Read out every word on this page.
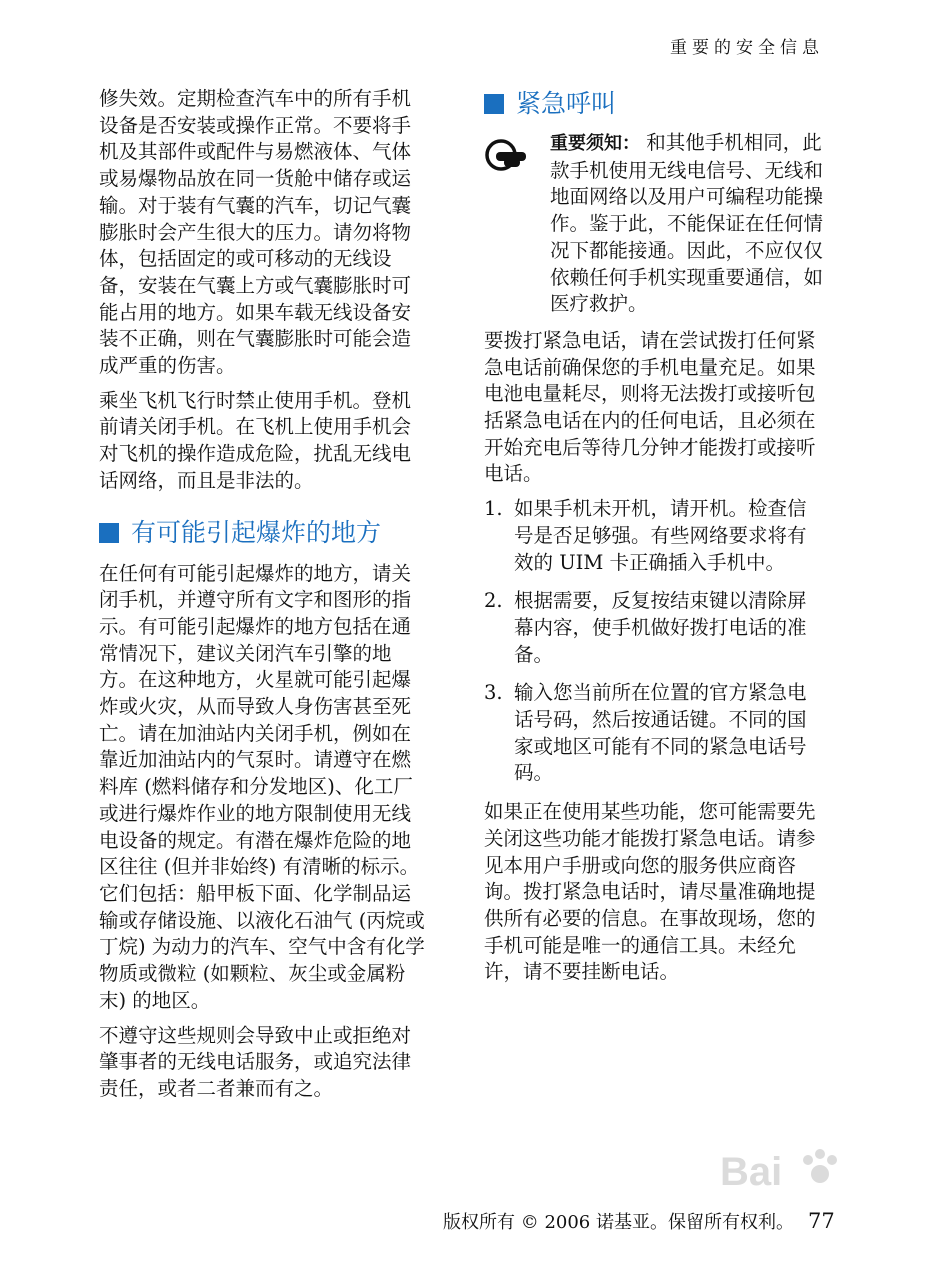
重要的安全信息

修失效。定期检查汽车中的所有手机设备是否安装或操作正常。不要将手机及其部件或配件与易燃液体、气体或易爆物品放在同一货舱中储存或运输。对于装有气囊的汽车，切记气囊膨胀时会产生很大的压力。请勿将物体，包括固定的或可移动的无线设备，安装在气囊上方或气囊膨胀时可能占用的地方。如果车载无线设备安装不正确，则在气囊膨胀时可能会造成严重的伤害。

乘坐飞机飞行时禁止使用手机。登机前请关闭手机。在飞机上使用手机会对飞机的操作造成危险，扰乱无线电话网络，而且是非法的。

有可能引起爆炸的地方

在任何有可能引起爆炸的地方，请关闭手机，并遵守所有文字和图形的指示。有可能引起爆炸的地方包括在通常情况下，建议关闭汽车引擎的地方。在这种地方，火星就可能引起爆炸或火灾，从而导致人身伤害甚至死亡。请在加油站内关闭手机，例如在靠近加油站内的气泵时。请遵守在燃料库 (燃料储存和分发地区)、化工厂或进行爆炸作业的地方限制使用无线电设备的规定。有潜在爆炸危险的地区往往 (但并非始终) 有清晰的标示。它们包括：船甲板下面、化学制品运输或存储设施、以液化石油气 (丙烷或丁烷) 为动力的汽车、空气中含有化学物质或微粒 (如颗粒、灰尘或金属粉末) 的地区。

不遵守这些规则会导致中止或拒绝对肇事者的无线电话服务，或追究法律责任，或者二者兼而有之。

紧急呼叫

重要须知： 和其他手机相同，此款手机使用无线电信号、无线和地面网络以及用户可编程功能操作。鉴于此，不能保证在任何情况下都能接通。因此，不应仅仅依赖任何手机实现重要通信，如医疗救护。

要拨打紧急电话，请在尝试拨打任何紧急电话前确保您的手机电量充足。如果电池电量耗尽，则将无法拨打或接听包括紧急电话在内的任何电话，且必须在开始充电后等待几分钟才能拨打或接听电话。

1. 如果手机未开机，请开机。检查信号是否足够强。有些网络要求将有效的 UIM 卡正确插入手机中。
2. 根据需要，反复按结束键以清除屏幕内容，使手机做好拨打电话的准备。
3. 输入您当前所在位置的官方紧急电话号码，然后按通话键。不同的国家或地区可能有不同的紧急电话号码。

如果正在使用某些功能，您可能需要先关闭这些功能才能拨打紧急电话。请参见本用户手册或向您的服务供应商咨询。拨打紧急电话时，请尽量准确地提供所有必要的信息。在事故现场，您的手机可能是唯一的通信工具。未经允许，请不要挂断电话。

Bai
版权所有 © 2006 诺基亚。保留所有权利。 77
